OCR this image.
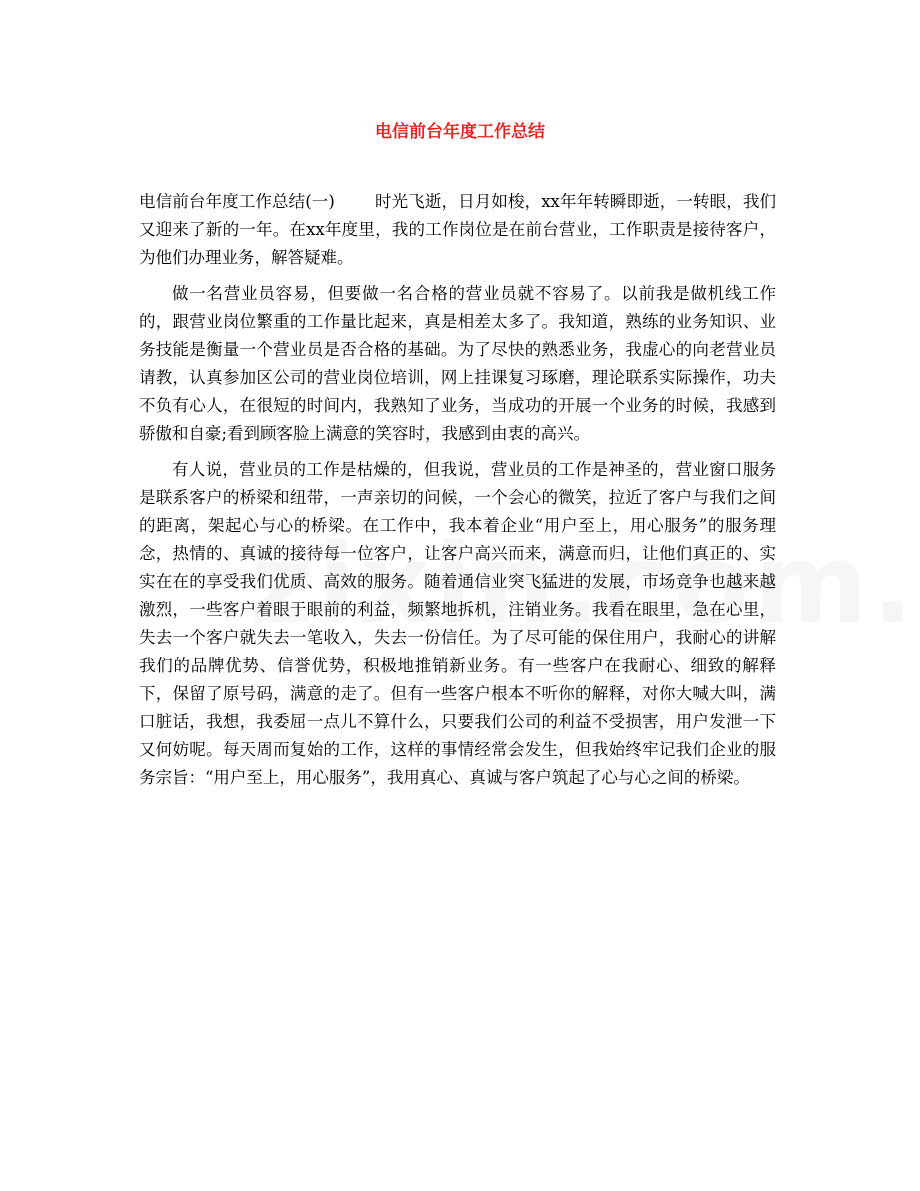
电信前台年度工作总结

电信前台年度工作总结(一) 时光飞逝，日月如梭，xx年年转瞬即逝，一转眼，我们又迎来了新的一年。在xx年度里，我的工作岗位是在前台营业，工作职责是接待客户，为他们办理业务，解答疑难。

做一名营业员容易，但要做一名合格的营业员就不容易了。以前我是做机线工作的，跟营业岗位繁重的工作量比起来，真是相差太多了。我知道，熟练的业务知识、业务技能是衡量一个营业员是否合格的基础。为了尽快的熟悉业务，我虚心的向老营业员请教，认真参加区公司的营业岗位培训，网上挂课复习琢磨，理论联系实际操作，功夫不负有心人，在很短的时间内，我熟知了业务，当成功的开展一个业务的时候，我感到骄傲和自豪;看到顾客脸上满意的笑容时，我感到由衷的高兴。

有人说，营业员的工作是枯燥的，但我说，营业员的工作是神圣的，营业窗口服务是联系客户的桥梁和纽带，一声亲切的问候，一个会心的微笑，拉近了客户与我们之间的距离，架起心与心的桥梁。在工作中，我本着企业“用户至上，用心服务”的服务理念，热情的、真诚的接待每一位客户，让客户高兴而来，满意而归，让他们真正的、实实在在的享受我们优质、高效的服务。随着通信业突飞猛进的发展，市场竞争也越来越激烈，一些客户着眼于眼前的利益，频繁地拆机，注销业务。我看在眼里，急在心里，失去一个客户就失去一笔收入，失去一份信任。为了尽可能的保住用户，我耐心的讲解我们的品牌优势、信誉优势，积极地推销新业务。有一些客户在我耐心、细致的解释下，保留了原号码，满意的走了。但有一些客户根本不听你的解释，对你大喊大叫，满口脏话，我想，我委屈一点儿不算什么，只要我们公司的利益不受损害，用户发泄一下又何妨呢。每天周而复始的工作，这样的事情经常会发生，但我始终牢记我们企业的服务宗旨：“用户至上，用心服务”，我用真心、真诚与客户筑起了心与心之间的桥梁。
